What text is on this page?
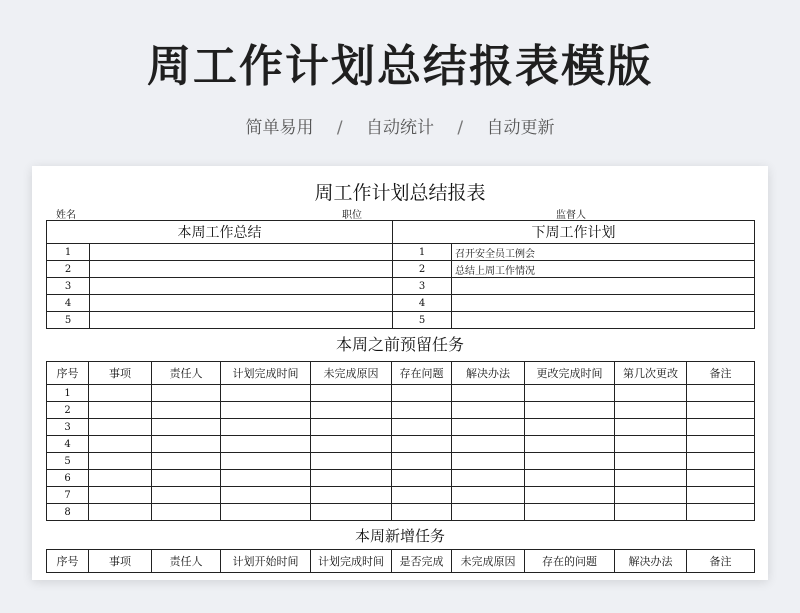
周工作计划总结报表模版
简单易用 / 自动统计 / 自动更新
周工作计划总结报表
姓名	职位	监督人
本周工作总结		下周工作计划	
1		1	召开安全员工例会
2		2	总结上周工作情况
3		3	
4		4	
5		5	
本周之前预留任务
序号	事项	责任人	计划完成时间	未完成原因	存在问题	解决办法	更改完成时间	第几次更改	备注
1									
2									
3									
4									
5									
6									
7									
8									
本周新增任务
序号	事项	责任人	计划开始时间	计划完成时间	是否完成	未完成原因	存在的问题	解决办法	备注
